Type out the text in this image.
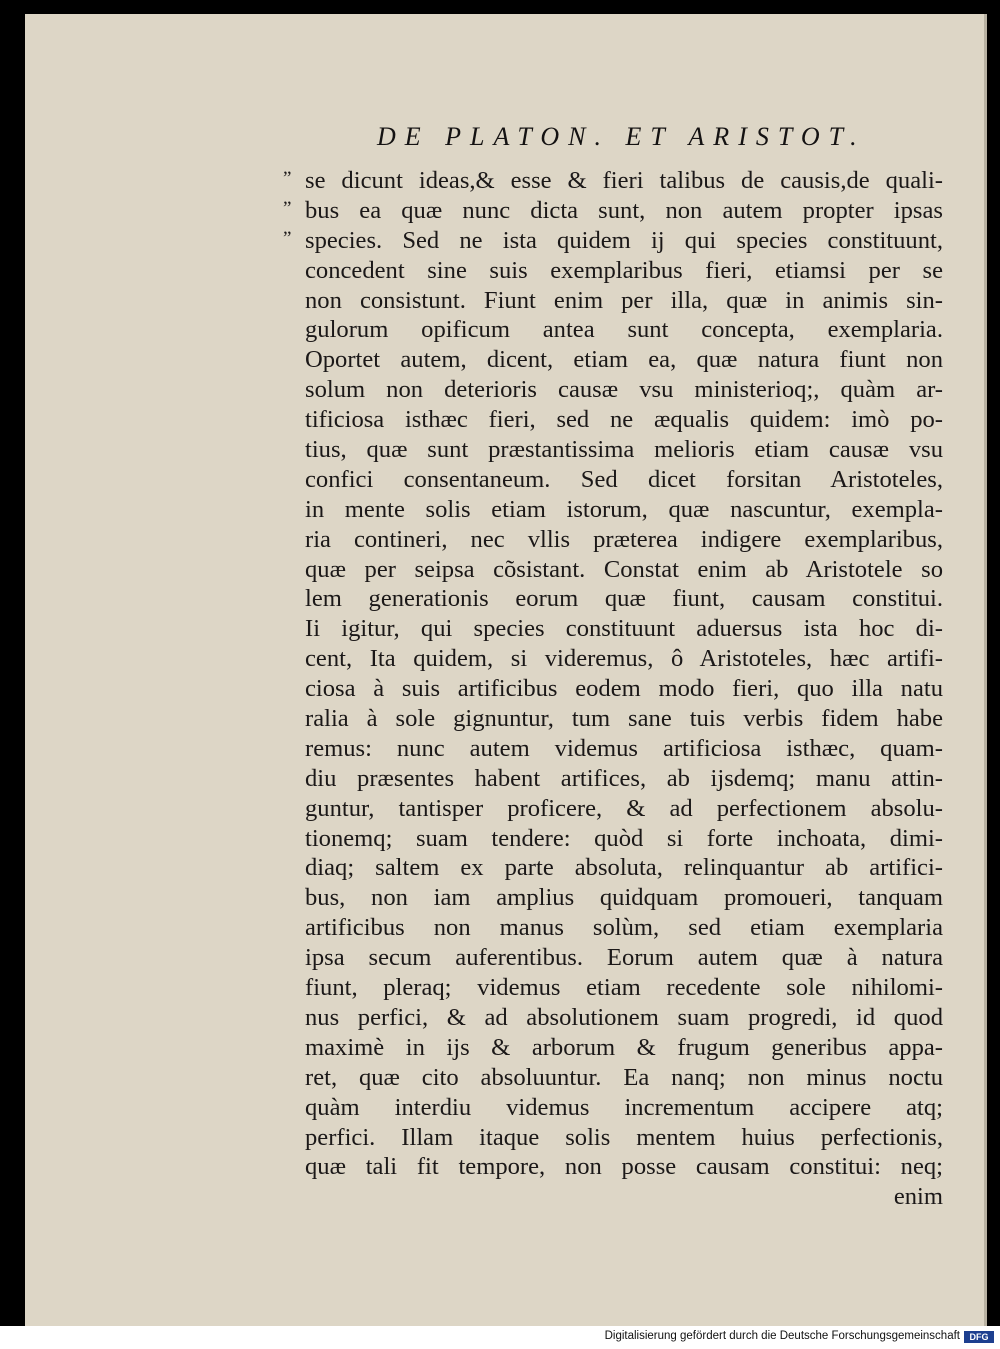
DE PLATON. ET ARISTOT.
” se dicunt ideas,& esse & fieri talibus de causis,de quali-
” bus ea quæ nunc dicta sunt, non autem propter ipsas
” species. Sed ne ista quidem ij qui species constituunt,
concedent sine suis exemplaribus fieri, etiamsi per se
non consistunt. Fiunt enim per illa, quæ in animis sin-
gulorum opificum antea sunt concepta, exemplaria.
Oportet autem, dicent, etiam ea, quæ natura fiunt non
solum non deterioris causæ vsu ministerioq;, quàm ar-
tificiosa isthæc fieri, sed ne æqualis quidem: imò po-
tius, quæ sunt præstantissima melioris etiam causæ vsu
confici consentaneum. Sed dicet forsitan Aristoteles,
in mente solis etiam istorum, quæ nascuntur, exempla-
ria contineri, nec vllis præterea indigere exemplaribus,
quæ per seipsa cõsistant. Constat enim ab Aristotele so
lem generationis eorum quæ fiunt, causam constitui.
Ii igitur, qui species constituunt aduersus ista hoc di-
cent, Ita quidem, si videremus, ô Aristoteles, hæc artifi-
ciosa à suis artificibus eodem modo fieri, quo illa natu
ralia à sole gignuntur, tum sane tuis verbis fidem habe
remus: nunc autem videmus artificiosa isthæc, quam-
diu præsentes habent artifices, ab ijsdemq; manu attin-
guntur, tantisper proficere, & ad perfectionem absolu-
tionemq; suam tendere: quòd si forte inchoata, dimi-
diaq; saltem ex parte absoluta, relinquantur ab artifici-
bus, non iam amplius quidquam promoueri, tanquam
artificibus non manus solùm, sed etiam exemplaria
ipsa secum auferentibus. Eorum autem quæ à natura
fiunt, pleraq; videmus etiam recedente sole nihilomi-
nus perfici, & ad absolutionem suam progredi, id quod
maximè in ijs & arborum & frugum generibus appa-
ret, quæ cito absoluuntur. Ea nanq; non minus noctu
quàm interdiu videmus incrementum accipere atq;
perfici. Illam itaque solis mentem huius perfectionis,
quæ tali fit tempore, non posse causam constitui: neq;
enim
Digitalisierung gefördert durch die Deutsche Forschungsgemeinschaft	DFG
